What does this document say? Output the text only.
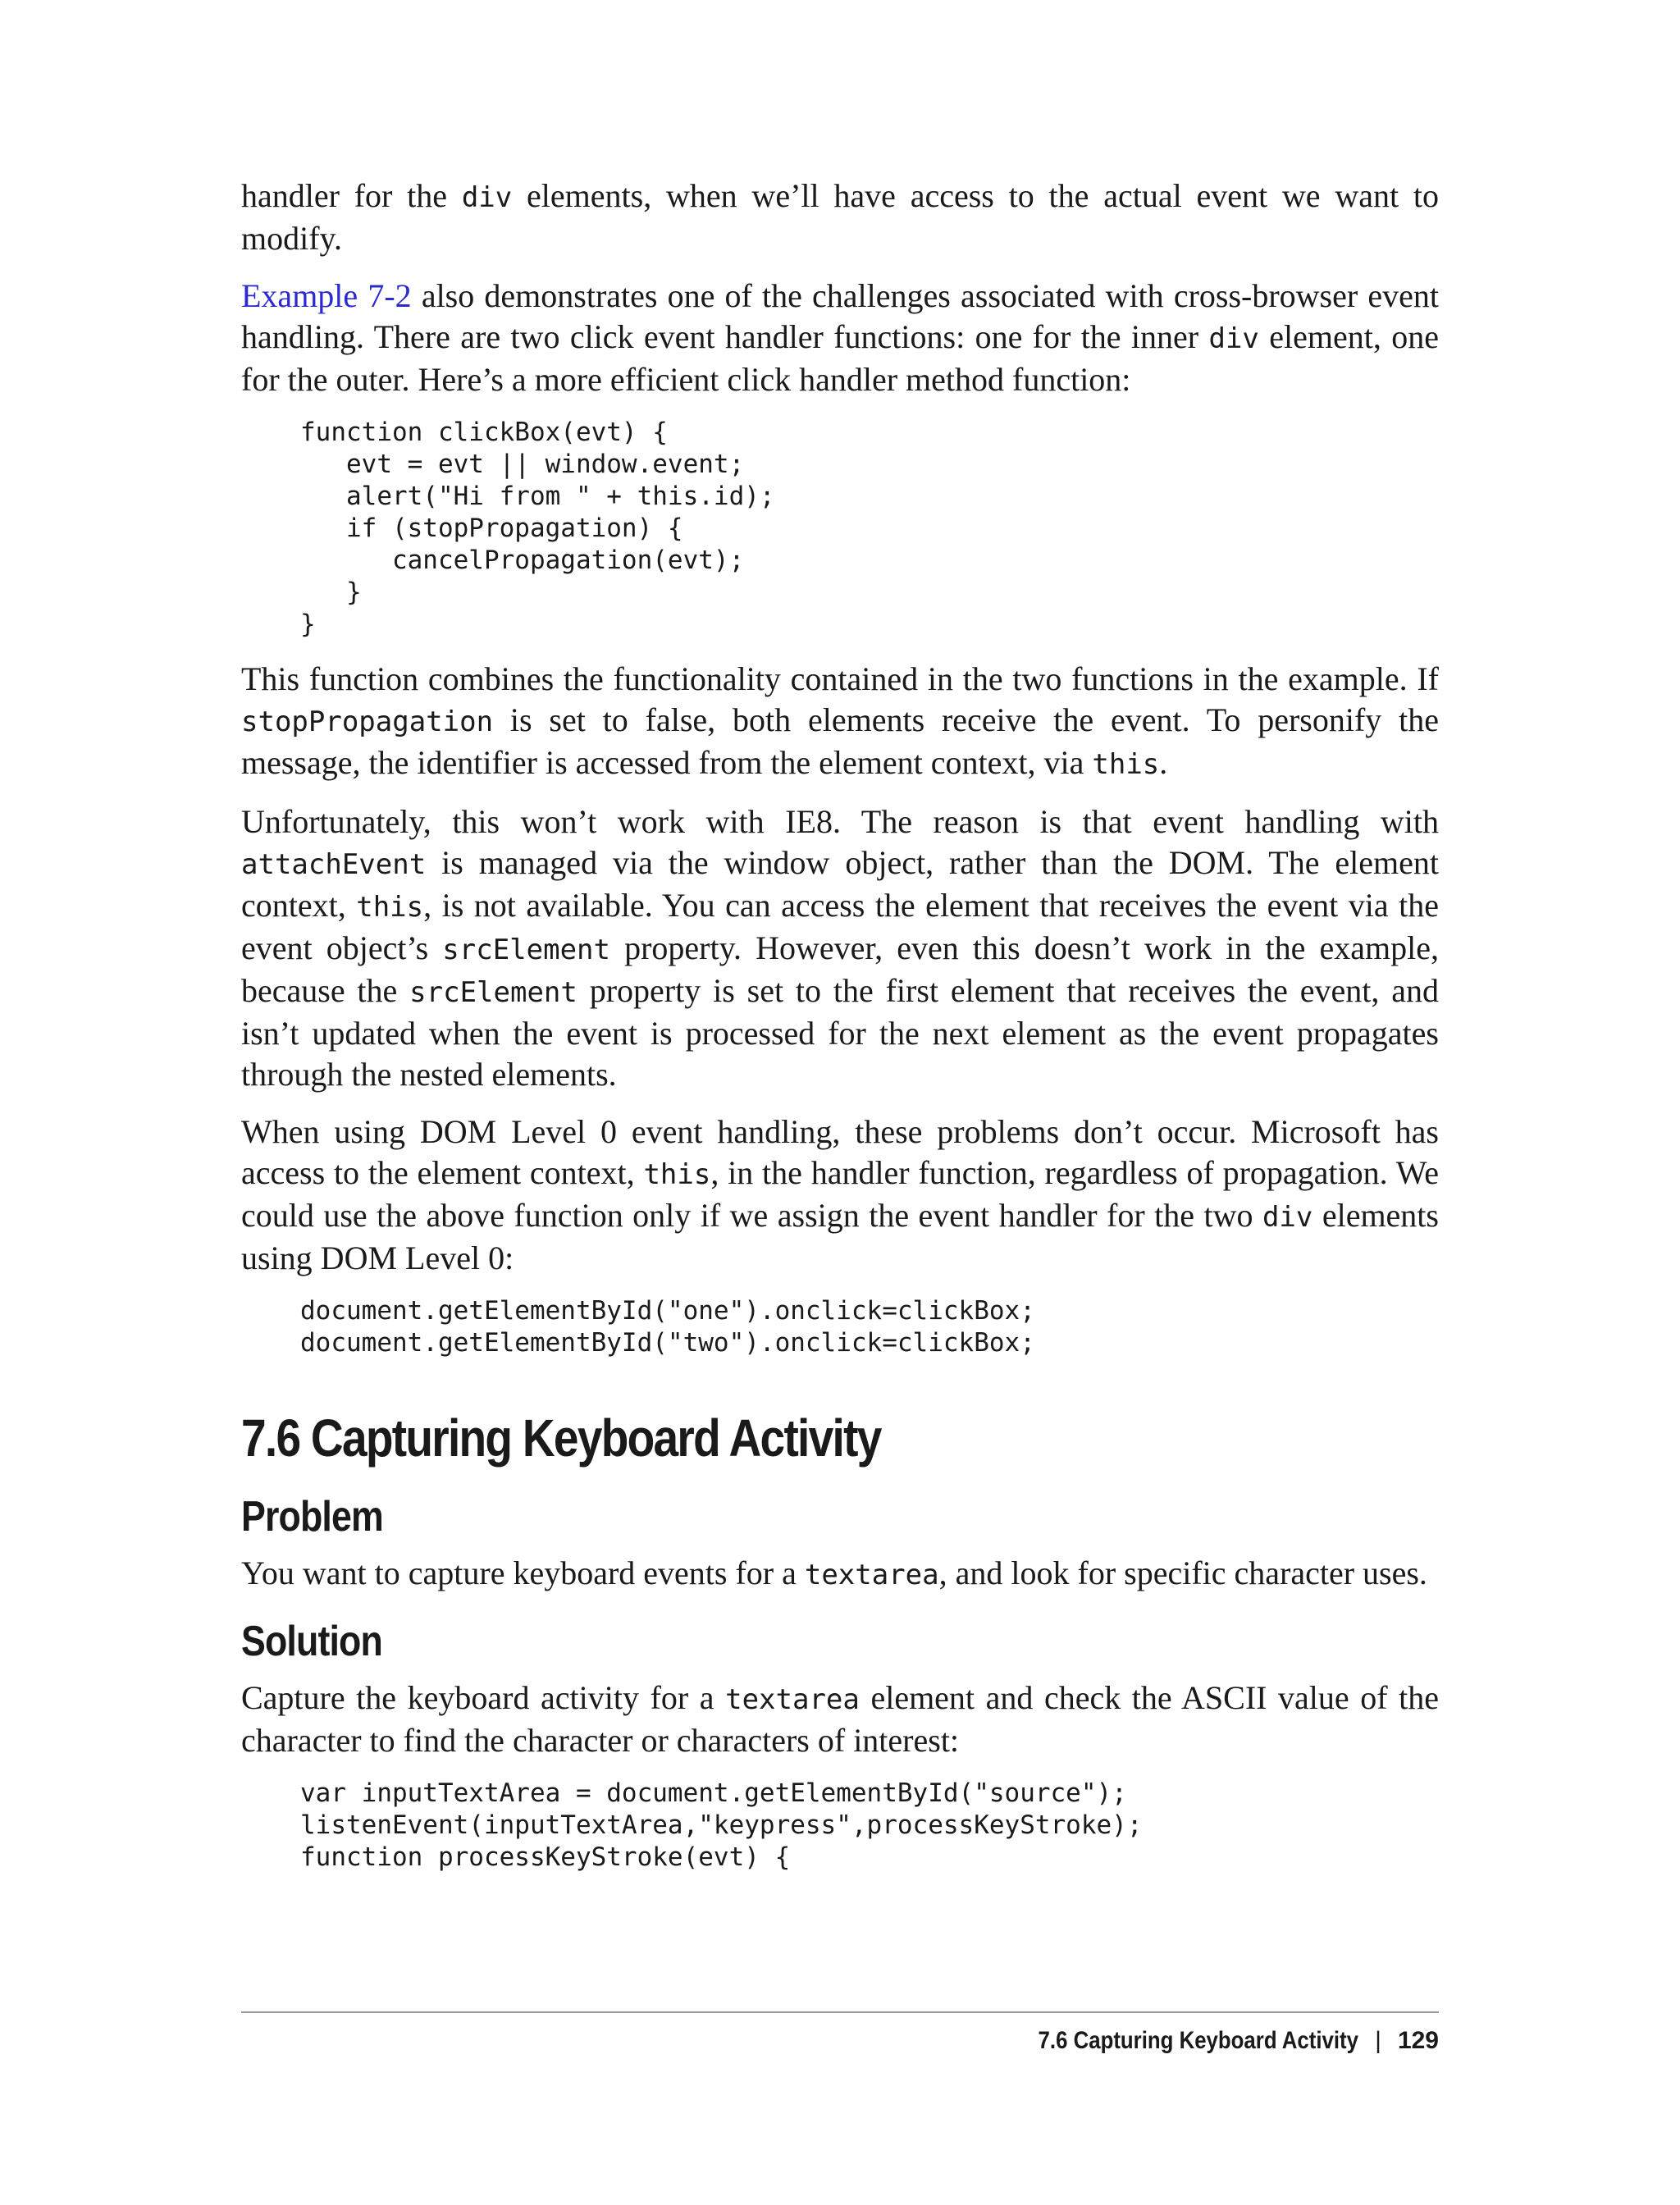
handler for the div elements, when we’ll have access to the actual event we want to modify.

Example 7-2 also demonstrates one of the challenges associated with cross-browser event handling. There are two click event handler functions: one for the inner div element, one for the outer. Here’s a more efficient click handler method function:

function clickBox(evt) {
evt = evt || window.event;
alert("Hi from " + this.id);
if (stopPropagation) {
cancelPropagation(evt);
}
}

This function combines the functionality contained in the two functions in the example. If stopPropagation is set to false, both elements receive the event. To personify the message, the identifier is accessed from the element context, via this.

Unfortunately, this won’t work with IE8. The reason is that event handling with attachEvent is managed via the window object, rather than the DOM. The element context, this, is not available. You can access the element that receives the event via the event object’s srcElement property. However, even this doesn’t work in the example, because the srcElement property is set to the first element that receives the event, and isn’t updated when the event is processed for the next element as the event propagates through the nested elements.

When using DOM Level 0 event handling, these problems don’t occur. Microsoft has access to the element context, this, in the handler function, regardless of propagation. We could use the above function only if we assign the event handler for the two div elements using DOM Level 0:

document.getElementById("one").onclick=clickBox;
document.getElementById("two").onclick=clickBox;
7.6 Capturing Keyboard Activity
Problem

You want to capture keyboard events for a textarea, and look for specific character uses.

Solution

Capture the keyboard activity for a textarea element and check the ASCII value of the character to find the character or characters of interest:

var inputTextArea = document.getElementById("source");
listenEvent(inputTextArea,"keypress",processKeyStroke);
function processKeyStroke(evt) {
7.6 Capturing Keyboard Activity | 129
